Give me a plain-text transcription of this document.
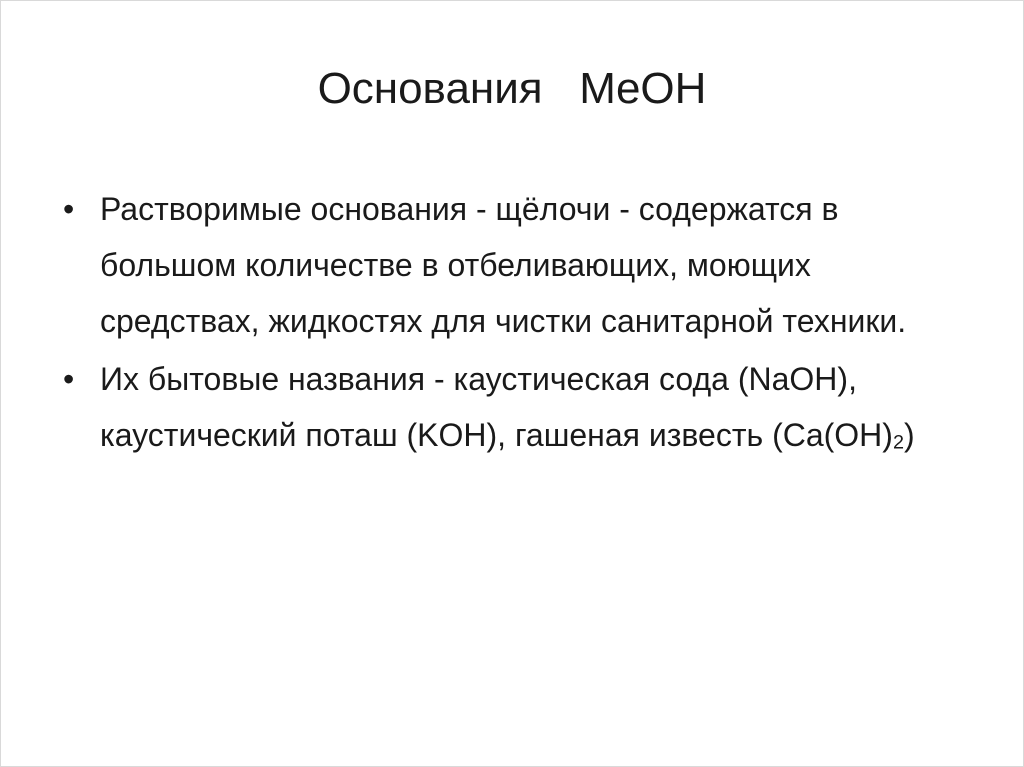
Основания   MeOH
• Растворимые основания - щёлочи - содержатся в большом количестве в отбеливающих, моющих средствах, жидкостях для чистки санитарной техники.
• Их бытовые названия - каустическая сода (NaOH), каустический поташ (KOH), гашеная известь (Ca(OH)2)
